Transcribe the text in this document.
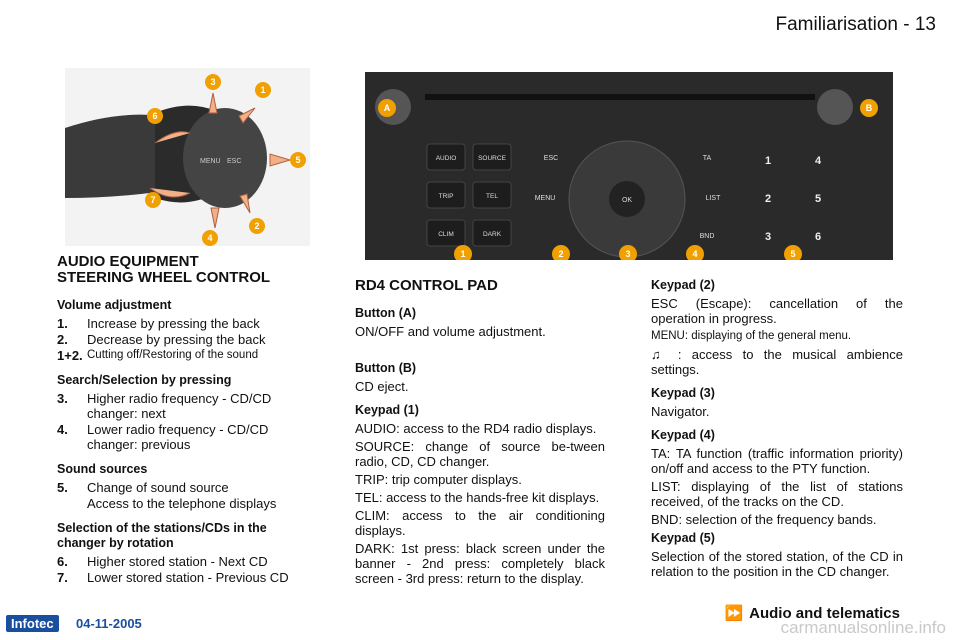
Familiarisation - 13
MENU ESC
3
1
5
2
4
6
7
AUDIO	SOURCE
TRIP	TEL
CLIM	DARK
OK
ESC
MENU
TA
LIST
BND
1	4
2	5
3	6
A	B
1	2	3	4	5
AUDIO EQUIPMENT
STEERING WHEEL CONTROL
Volume adjustment
1.	Increase by pressing the back
2.	Decrease by pressing the back
1+2. Cutting off/Restoring of the sound
Search/Selection by pressing
3.	Higher radio frequency - CD/CD changer: next
4.	Lower radio frequency - CD/CD changer: previous
Sound sources
5.	Change of sound source

Access to the telephone displays

Selection of the stations/CDs in the changer by rotation
6.	Higher stored station - Next CD
7.	Lower stored station - Previous CD
RD4 CONTROL PAD
Button (A)

ON/OFF and volume adjustment.

Button (B)

CD eject.

Keypad (1)

AUDIO: access to the RD4 radio displays.

SOURCE: change of source be-tween radio, CD, CD changer.

TRIP: trip computer displays.

TEL: access to the hands-free kit displays.

CLIM: access to the air conditioning displays.

DARK: 1st press: black screen under the banner - 2nd press: completely black screen - 3rd press: return to the display.

Keypad (2)

ESC (Escape): cancellation of the operation in progress.

MENU: displaying of the general menu.

♫ : access to the musical ambience settings.

Keypad (3)

Navigator.

Keypad (4)

TA: TA function (traffic information priority) on/off and access to the PTY function.

LIST: displaying of the list of stations received, of the tracks on the CD.

BND: selection of the frequency bands.

Keypad (5)

Selection of the stored station, of the CD in relation to the position in the CD changer.

⏩ Audio and telematics
Infotec	04-11-2005	carmanualsonline.info
